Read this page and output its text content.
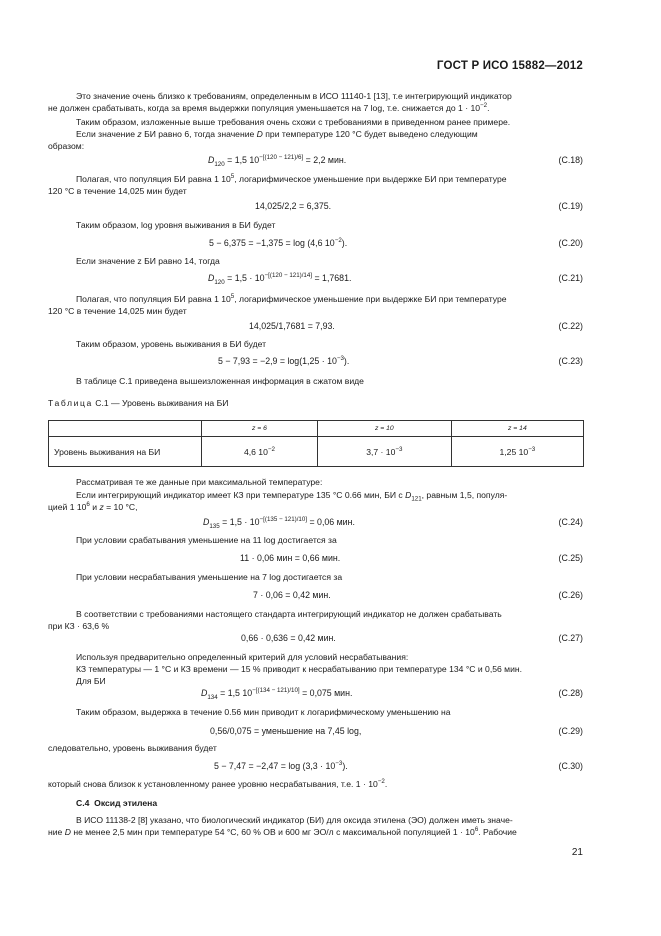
ГОСТ Р ИСО 15882—2012
Это значение очень близко к требованиям, определенным в ИСО 11140-1 [13], т.е интегрирующий индикатор
не должен срабатывать, когда за время выдержки популяция уменьшается на 7 log, т.е. снижается до $1 \cdot 10^{-2}$.
Таким образом, изложенные выше требования очень схожи с требованиями в приведенном ранее примере.
Если значение z БИ равно 6, тогда значение D при температуре 120 °С будет выведено следующим
образом:
$D_{120} = 1,5$ $10^{-[(120 - 121)/6]} = 2,2$ мин.	(С.18)
Полагая, что популяция БИ равна 1 $10^5$, логарифмическое уменьшение при выдержке БИ при температуре
120 °С в течение 14,025 мин будет
14,025/2,2 = 6,375.	(С.19)
Таким образом, log уровня выживания в БИ будет
5 − 6,375 = −1,375 = log (4,6 $10^{-2}$).	(С.20)
Если значение z БИ равно 14, тогда
$D_{120} = 1,5 \cdot 10^{-[(120 - 121)/14]} = 1,7681$.	(С.21)
Полагая, что популяция БИ равна 1 $10^5$, логарифмическое уменьшение при выдержке БИ при температуре
120 °С в течение 14,025 мин будет
14,025/1,7681 = 7,93.	(С.22)
Таким образом, уровень выживания в БИ будет
$5 - 7,93 = -2,9 = \log(1,25 \cdot 10^{-3})$.	(С.23)
В таблице С.1 приведена вышеизложенная информация в сжатом виде
Таблица С.1 — Уровень выживания на БИ
	z = 6	z = 10	z = 14
Уровень выживания на БИ	4,6 $10^{-2}$	$3,7 \cdot 10^{-3}$	1,25 $10^{-3}$
Рассматривая те же данные при максимальной температуре:
Если интегрирующий индикатор имеет КЗ при температуре 135 °С 0.66 мин, БИ с $D_{121}$, равным 1,5, популя-
цией 1 $10^6$ и z = 10 °С,
$D_{135} = 1,5 \cdot 10^{-[(135 - 121)/10]} = 0,06$ мин.	(С.24)
При условии срабатывания уменьшение на 11 log достигается за
11 · 0,06 мин = 0,66 мин.	(С.25)
При условии несрабатывания уменьшение на 7 log достигается за
7 · 0,06 = 0,42 мин.	(С.26)
В соответствии с требованиями настоящего стандарта интегрирующий индикатор не должен срабатывать
при КЗ · 63,6 %
0,66 · 0,636 = 0,42 мин.	(С.27)
Используя предварительно определенный критерий для условий несрабатывания:
КЗ температуры — 1 °С и КЗ времени — 15 % приводит к несрабатыванию при температуре 134 °С и 0,56 мин.
Для БИ
$D_{134} = 1,5$ $10^{-[(134 - 121)/10]} = 0,075$ мин.	(С.28)
Таким образом, выдержка в течение 0.56 мин приводит к логарифмическому уменьшению на
0,56/0,075 = уменьшение на 7,45 log,	(С.29)
следовательно, уровень выживания будет
$5 - 7,47 = -2,47 = \log (3,3 \cdot 10^{-3})$.	(С.30)
который снова близок к установленному ранее уровню несрабатывания, т.е. $1 \cdot 10^{-2}$.
С.4 Оксид этилена
В ИСО 11138-2 [8] указано, что биологический индикатор (БИ) для оксида этилена (ЭО) должен иметь значе-
ние D не менее 2,5 мин при температуре 54 °С, 60 % ОВ и 600 мг ЭО/л с максимальной популяцией $1 \cdot 10^6$. Рабочие
21
